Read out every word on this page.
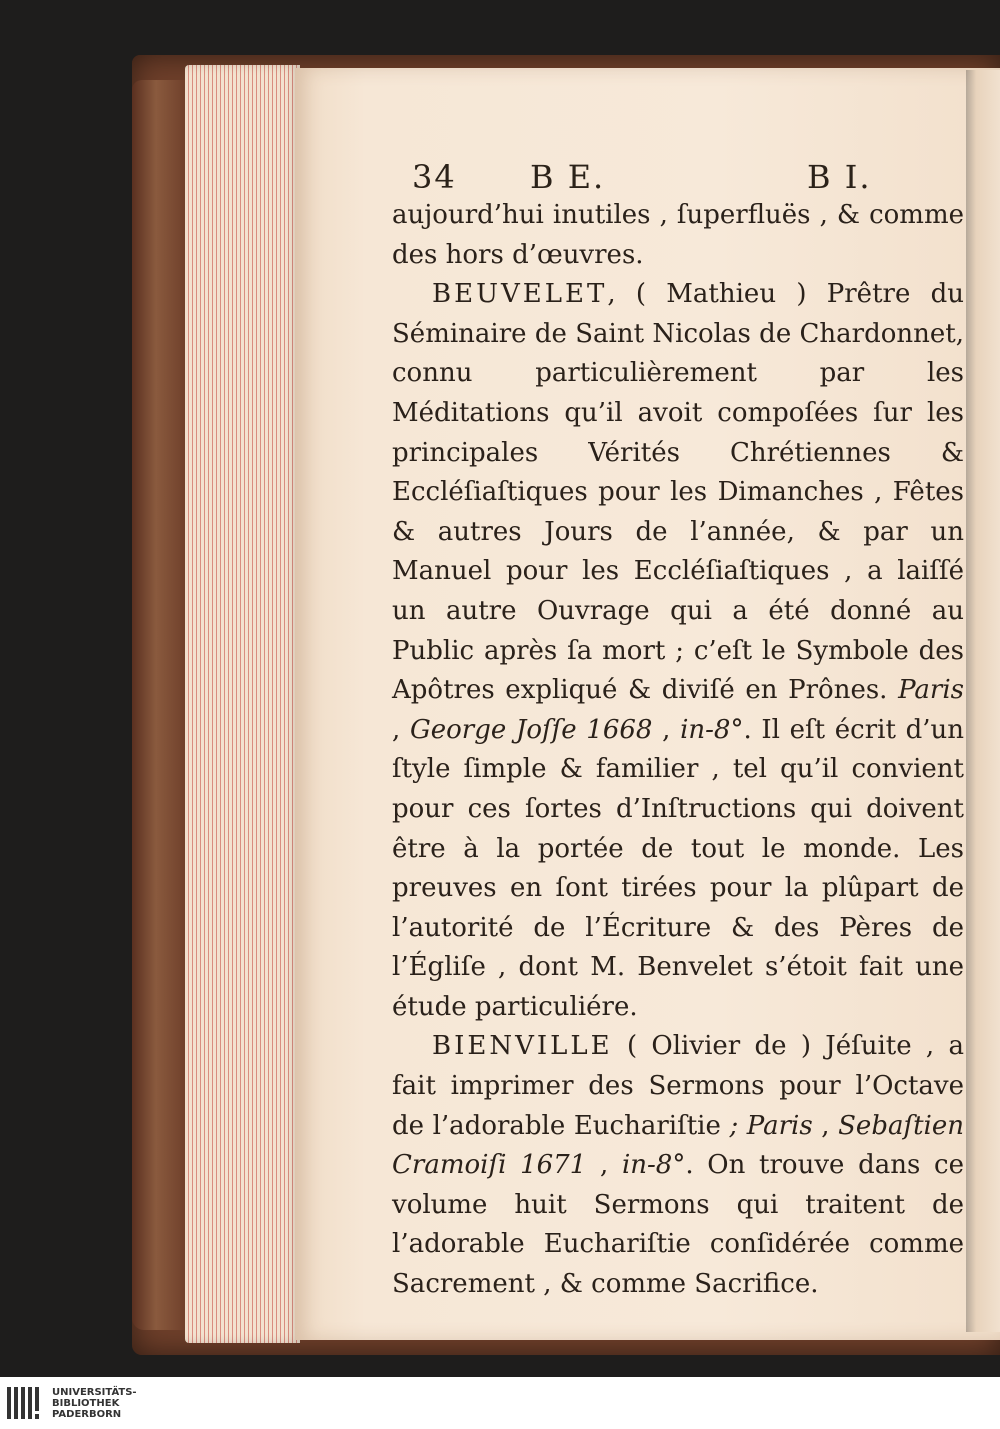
34 B E.	B I.

aujourd’hui inutiles , ſuperfluës , & comme des hors d’œuvres.

BEUVELET, ( Mathieu ) Prêtre du Séminaire de Saint Nicolas de Chardonnet, connu particulièrement par les Méditations qu’il avoit compoſées ſur les principales Vérités Chrétiennes & Eccléſiaſtiques pour les Dimanches , Fêtes & autres Jours de l’année, & par un Manuel pour les Eccléſiaſtiques , a laiſſé un autre Ouvrage qui a été donné au Public après ſa mort ; c’eſt le Symbole des Apôtres expliqué & diviſé en Prônes. Paris , George Joſſe 1668 , in-8°. Il eſt écrit d’un ſtyle ſimple & familier , tel qu’il convient pour ces ſortes d’Inſtructions qui doivent être à la portée de tout le monde. Les preuves en ſont tirées pour la plûpart de l’autorité de l’Écriture & des Pères de l’Égliſe , dont M. Benvelet s’étoit fait une étude particuliére.

BIENVILLE ( Olivier de ) Jéſuite , a fait imprimer des Sermons pour l’Octave de l’adorable Euchariſtie ; Paris , Sebaſtien Cramoiſi 1671 , in-8°. On trouve dans ce volume huit Sermons qui traitent de l’adorable Euchariſtie conſidérée comme Sacrement , & comme Sacrifice.

UNIVERSITÄTS-
BIBLIOTHEK
PADERBORN
